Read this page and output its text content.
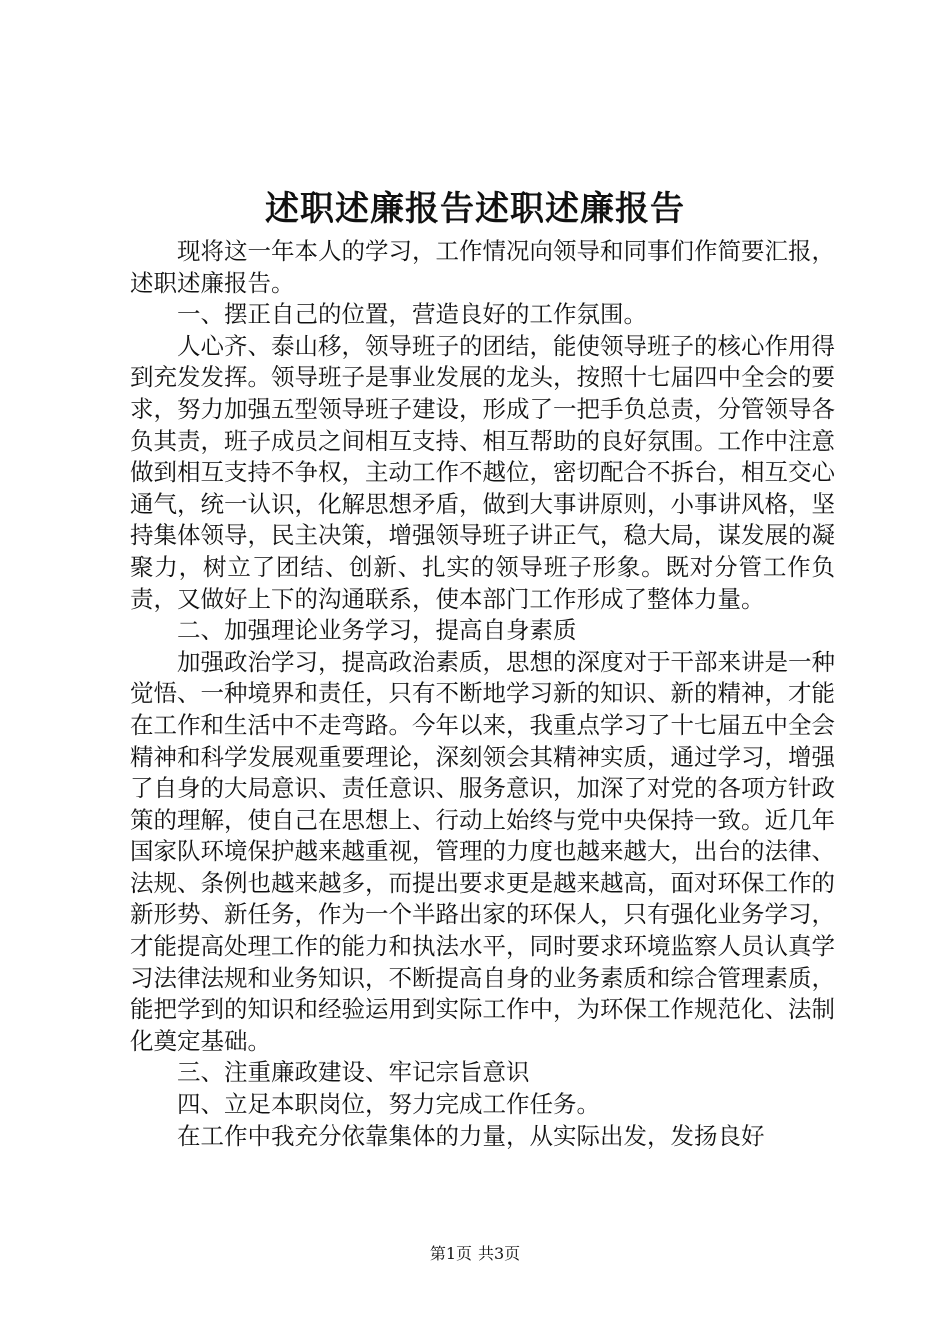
述职述廉报告述职述廉报告

现将这一年本人的学习，工作情况向领导和同事们作简要汇报，述职述廉报告。

一、摆正自己的位置，营造良好的工作氛围。

人心齐、泰山移，领导班子的团结，能使领导班子的核心作用得到充发发挥。领导班子是事业发展的龙头，按照十七届四中全会的要求，努力加强五型领导班子建设，形成了一把手负总责，分管领导各负其责，班子成员之间相互支持、相互帮助的良好氛围。工作中注意做到相互支持不争权，主动工作不越位，密切配合不拆台，相互交心通气，统一认识，化解思想矛盾，做到大事讲原则，小事讲风格，坚持集体领导，民主决策，增强领导班子讲正气，稳大局，谋发展的凝聚力，树立了团结、创新、扎实的领导班子形象。既对分管工作负责，又做好上下的沟通联系，使本部门工作形成了整体力量。

二、加强理论业务学习，提高自身素质

加强政治学习，提高政治素质，思想的深度对于干部来讲是一种觉悟、一种境界和责任，只有不断地学习新的知识、新的精神，才能在工作和生活中不走弯路。今年以来，我重点学习了十七届五中全会精神和科学发展观重要理论，深刻领会其精神实质，通过学习，增强了自身的大局意识、责任意识、服务意识，加深了对党的各项方针政策的理解，使自己在思想上、行动上始终与党中央保持一致。近几年国家队环境保护越来越重视，管理的力度也越来越大，出台的法律、法规、条例也越来越多，而提出要求更是越来越高，面对环保工作的新形势、新任务，作为一个半路出家的环保人，只有强化业务学习，才能提高处理工作的能力和执法水平，同时要求环境监察人员认真学习法律法规和业务知识，不断提高自身的业务素质和综合管理素质，能把学到的知识和经验运用到实际工作中，为环保工作规范化、法制化奠定基础。

三、注重廉政建设、牢记宗旨意识

四、立足本职岗位，努力完成工作任务。

在工作中我充分依靠集体的力量，从实际出发，发扬良好

第1页 共3页
